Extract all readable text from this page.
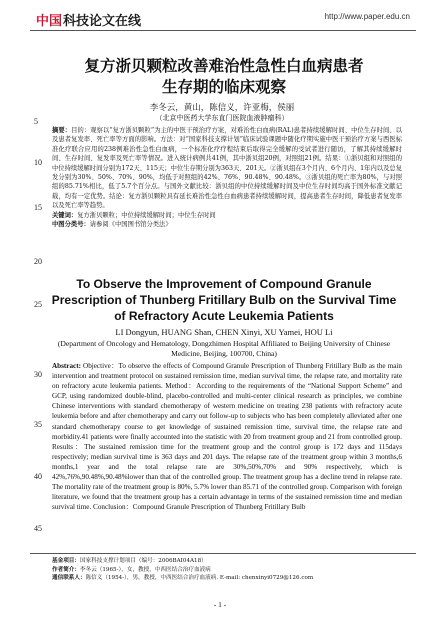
中国 科技论文在线	http://www.paper.edu.cn
复方浙贝颗粒改善难治性急性白血病患者
生存期的临床观察
5
10
15
20
25
30
35
40
45
李冬云，黄山，陈信义，许亚梅，侯丽
（北京中医药大学东直门医院血液肿瘤科）

摘要：目的：观察以“复方浙贝颗粒”为主的中医干预治疗方案，对难治性白血病(RAL)患者持续缓解时间、中位生存时间、以及患者复发率、死亡率等方面的影响。方法：对“国家科技支撑计划”临床试验课题中随化疗期实施中医干预治疗方案与西医标准化疗联合应用的238例难治性急性白血病，一个标准化疗疗程结束后取得完全缓解的受试者进行随访，了解其持续缓解时间、生存时间、复发率及死亡率等情况。进入统计病例共41例，其中浙贝组20例，对照组21例。结果：①浙贝组和对照组的中位持续缓解时间分别为172天、115天；中位生存期分别为363天、201天。②浙贝组在3个月内、6个月内、1年内以及总复发分别为30%、50%、70%、90%，均低于对照组的42%、76%、90.48%、90.48%。③浙贝组的死亡率为80%，与对照组的85.71%相比，低了5.7个百分点。与国外文献比较：浙贝组的中位持续缓解时间及中位生存时间均高于国外标准文献记载，均有一定优势。结论：复方浙贝颗粒具有延长难治性急性白血病患者持续缓解时间，提高患者生存时间，降低患者复发率以及死亡率等趋势。

关键词：复方浙贝颗粒；中位持续缓解时间；中位生存时间

中图分类号：请参阅《中国图书馆分类法》

To Observe the Improvement of Compound Granule Prescription of Thunberg Fritillary Bulb on the Survival Time of Refractory Acute Leukemia Patients
LI Dongyun, HUANG Shan, CHEN Xinyi, XU Yamei, HOU Li
(Department of Oncology and Hematology, Dongzhimen Hospital Affiliated to Beijing University of Chinese Medicine, Beijing, 100700, China)
Abstract: Objective：To observe the effects of Compound Granule Prescription of Thunberg Fritillary Bulb as the main intervention and treatment protocol on sustained remission time, median survival time, the relapse rate, and mortality rate on refractory acute leukemia patients. Method：According to the requirements of the “National Support Scheme” and GCP, using randomized double-blind, placebo-controlled and multi-center clinical research as principles, we combine Chinese interventions with standard chemotherapy of western medicine on treating 238 patients with refractory acute leukemia before and after chemotherapy and carry out follow-up to subjects who has been completely alleviated after one standard chemotherapy course to get knowledge of sustained remission time, survival time, the relapse rate and morbidity.41 patients were finally accounted into the statistic with 20 from treatment group and 21 from controlled group. Results：The sustained remission time for the treatment group and the control group is 172 days and 115days respectively; median survival time is 363 days and 201 days. The relapse rate of the treatment group within 3 months,6 months,1 year and the total relapse rate are 30%,50%,70% and 90% respectively, which is 42%,76%,90.48%,90.48%lower than that of the controlled group. The treatment group has a decline trend in relapse rate. The mortality rate of the treatment group is 80%, 5.7% lower than 85.71 of the controlled group. Comparison with foreign literature, we found that the treatment group has a certain advantage in terms of the sustained remission time and median survival time. Conclusion：Compound Granule Prescription of Thunberg Fritillary Bulb
基金项目：国家科技支撑计划项目（编号：2006BAI04A18）
作者简介：李冬云（1965-），女，教授，中西医结合治疗血液病
通信联系人：陈信义（1954-），男，教授，中西医结合治疗血液病. E-mail: chenxinyi0729@126.com
- 1 -
